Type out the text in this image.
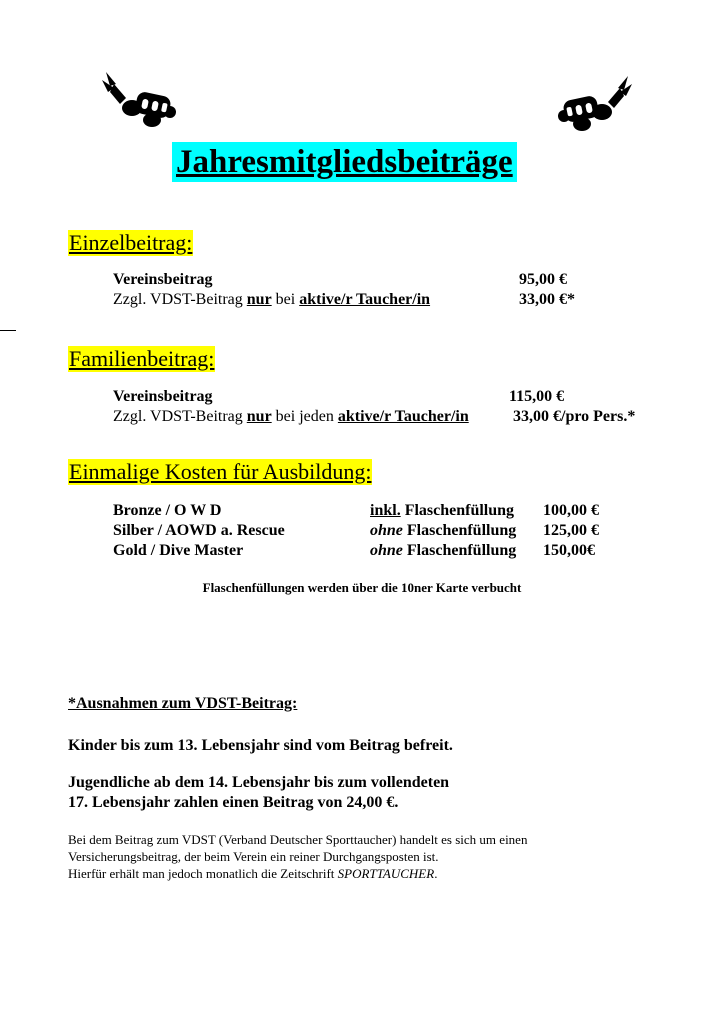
Jahresmitgliedsbeiträge
Einzelbeitrag:
Vereinsbeitrag	95,00 €
Zzgl. VDST-Beitrag nur bei aktive/r Taucher/in	33,00 €*
Familienbeitrag:
Vereinsbeitrag	115,00 €
Zzgl. VDST-Beitrag nur bei jeden aktive/r Taucher/in	33,00 €/pro Pers.*
Einmalige Kosten für Ausbildung:
Bronze / O W D	inkl. Flaschenfüllung 100,00 €
Silber / AOWD a. Rescue	ohne Flaschenfüllung 125,00 €
Gold / Dive Master	ohne Flaschenfüllung 150,00€
Flaschenfüllungen werden über die 10ner Karte verbucht
*Ausnahmen zum VDST-Beitrag:
Kinder bis zum 13. Lebensjahr sind vom Beitrag befreit.
Jugendliche ab dem 14. Lebensjahr bis zum vollendeten
17. Lebensjahr zahlen einen Beitrag von 24,00 €.
Bei dem Beitrag zum VDST (Verband Deutscher Sporttaucher) handelt es sich um einen
Versicherungsbeitrag, der beim Verein ein reiner Durchgangsposten ist.
Hierfür erhält man jedoch monatlich die Zeitschrift SPORTTAUCHER.
